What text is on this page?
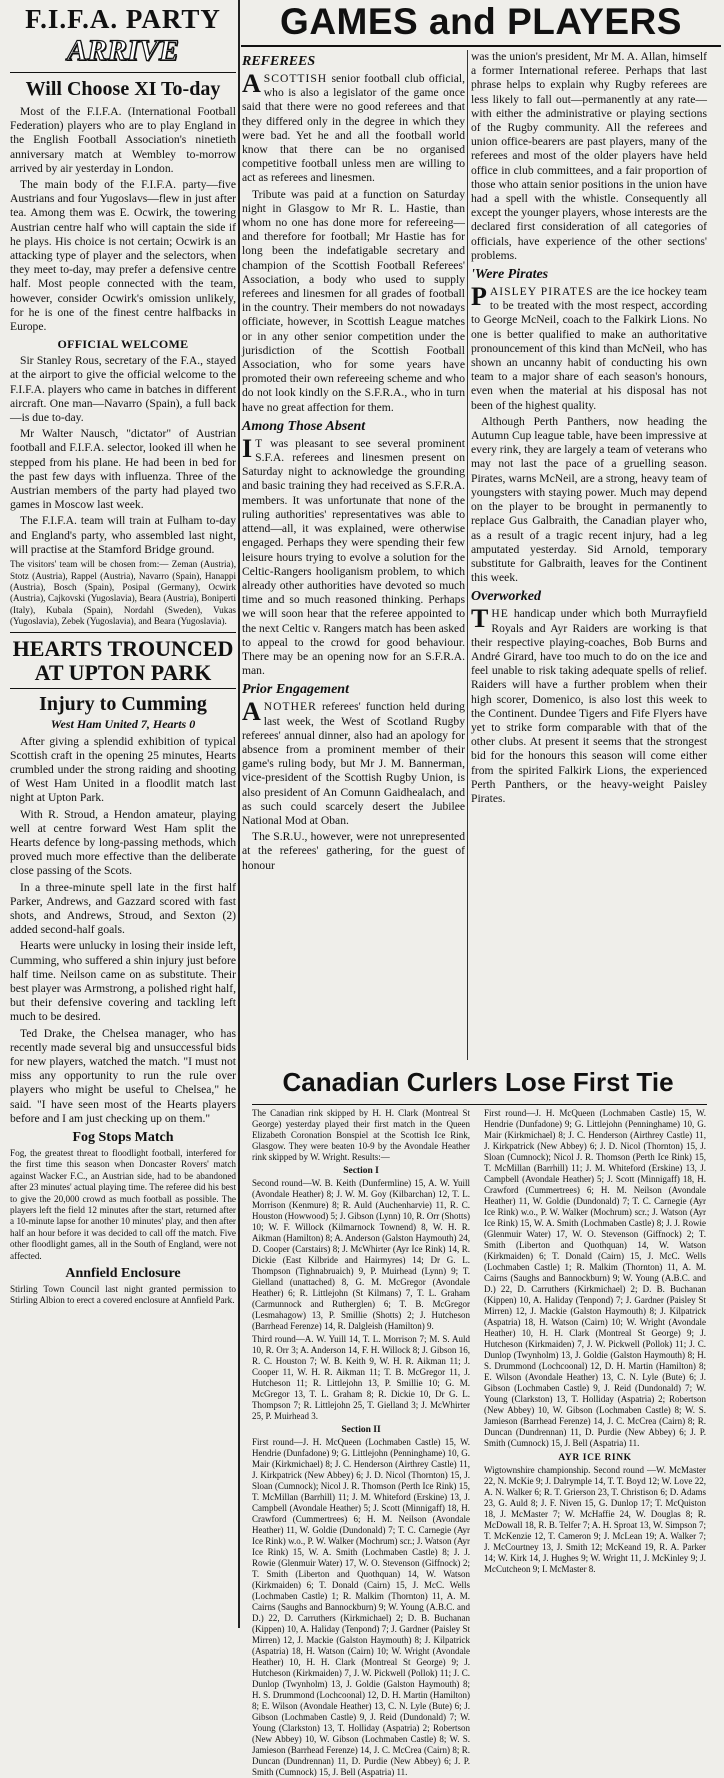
F.I.F.A. PARTY
ARRIVE
Will Choose XI To-day

Most of the F.I.F.A. (International Football Federation) players who are to play England in the English Football Association's ninetieth anniversary match at Wembley to-morrow arrived by air yesterday in London.

The main body of the F.I.F.A. party—five Austrians and four Yugoslavs—flew in just after tea. Among them was E. Ocwirk, the towering Austrian centre half who will captain the side if he plays. His choice is not certain; Ocwirk is an attacking type of player and the selectors, when they meet to-day, may prefer a defensive centre half. Most people connected with the team, however, consider Ocwirk's omission unlikely, for he is one of the finest centre halfbacks in Europe.

OFFICIAL WELCOME

Sir Stanley Rous, secretary of the F.A., stayed at the airport to give the official welcome to the F.I.F.A. players who came in batches in different aircraft. One man—Navarro (Spain), a full back—is due to-day.

Mr Walter Nausch, "dictator" of Austrian football and F.I.F.A. selector, looked ill when he stepped from his plane. He had been in bed for the past few days with influenza. Three of the Austrian members of the party had played two games in Moscow last week.

The F.I.F.A. team will train at Fulham to-day and England's party, who assembled last night, will practise at the Stamford Bridge ground.

The visitors' team will be chosen from:— Zeman (Austria), Stotz (Austria), Rappel (Austria), Navarro (Spain), Hanappi (Austria), Bosch (Spain), Posipal (Germany), Ocwirk (Austria), Cajkovski (Yugoslavia), Beara (Austria), Boniperti (Italy), Kubala (Spain), Nordahl (Sweden), Vukas (Yugoslavia), Zebek (Yugoslavia), and Beara (Yugoslavia).

HEARTS TROUNCED AT UPTON PARK
Injury to Cumming
West Ham United 7, Hearts 0

After giving a splendid exhibition of typical Scottish craft in the opening 25 minutes, Hearts crumbled under the strong raiding and shooting of West Ham United in a floodlit match last night at Upton Park.

With R. Stroud, a Hendon amateur, playing well at centre forward West Ham split the Hearts defence by long-passing methods, which proved much more effective than the deliberate close passing of the Scots.

In a three-minute spell late in the first half Parker, Andrews, and Gazzard scored with fast shots, and Andrews, Stroud, and Sexton (2) added second-half goals.

Hearts were unlucky in losing their inside left, Cumming, who suffered a shin injury just before half time. Neilson came on as substitute. Their best player was Armstrong, a polished right half, but their defensive covering and tackling left much to be desired.

Ted Drake, the Chelsea manager, who has recently made several big and unsuccessful bids for new players, watched the match. "I must not miss any opportunity to run the rule over players who might be useful to Chelsea," he said. "I have seen most of the Hearts players before and I am just checking up on them."

Fog Stops Match

Fog, the greatest threat to floodlight football, interfered for the first time this season when Doncaster Rovers' match against Wacker F.C., an Austrian side, had to be abandoned after 23 minutes' actual playing time. The referee did his best to give the 20,000 crowd as much football as possible. The players left the field 12 minutes after the start, returned after a 10-minute lapse for another 10 minutes' play, and then after half an hour before it was decided to call off the match. Five other floodlight games, all in the South of England, were not affected.

Annfield Enclosure

Stirling Town Council last night granted permission to Stirling Albion to erect a covered enclosure at Annfield Park.

GAMES and PLAYERS
REFEREES

ASCOTTISH senior football club official, who is also a legislator of the game once said that there were no good referees and that they differed only in the degree in which they were bad. Yet he and all the football world know that there can be no organised competitive football unless men are willing to act as referees and linesmen.

Tribute was paid at a function on Saturday night in Glasgow to Mr R. L. Hastie, than whom no one has done more for refereeing—and therefore for football; Mr Hastie has for long been the indefatigable secretary and champion of the Scottish Football Referees' Association, a body who used to supply referees and linesmen for all grades of football in the country. Their members do not nowadays officiate, however, in Scottish League matches or in any other senior competition under the jurisdiction of the Scottish Football Association, who for some years have promoted their own refereeing scheme and who do not look kindly on the S.F.R.A., who in turn have no great affection for them.

Among Those Absent

I T was pleasant to see several prominent S.F.A. referees and linesmen present on Saturday night to acknowledge the grounding and basic training they had received as S.F.R.A. members. It was unfortunate that none of the ruling authorities' representatives was able to attend—all, it was explained, were otherwise engaged. Perhaps they were spending their few leisure hours trying to evolve a solution for the Celtic-Rangers hooliganism problem, to which already other authorities have devoted so much time and so much reasoned thinking. Perhaps we will soon hear that the referee appointed to the next Celtic v. Rangers match has been asked to appeal to the crowd for good behaviour. There may be an opening now for an S.F.R.A. man.

Prior Engagement

ANOTHER referees' function held during last week, the West of Scotland Rugby referees' annual dinner, also had an apology for absence from a prominent member of their game's ruling body, but Mr J. M. Bannerman, vice-president of the Scottish Rugby Union, is also president of An Comunn Gaidhealach, and as such could scarcely desert the Jubilee National Mod at Oban.

The S.R.U., however, were not unrepresented at the referees' gathering, for the guest of honour

was the union's president, Mr M. A. Allan, himself a former International referee. Perhaps that last phrase helps to explain why Rugby referees are less likely to fall out—permanently at any rate—with either the administrative or playing sections of the Rugby community. All the referees and union office-bearers are past players, many of the referees and most of the older players have held office in club committees, and a fair proportion of those who attain senior positions in the union have had a spell with the whistle. Consequently all except the younger players, whose interests are the declared first consideration of all categories of officials, have experience of the other sections' problems.

'Were Pirates

PAISLEY PIRATES are the ice hockey team to be treated with the most respect, according to George McNeil, coach to the Falkirk Lions. No one is better qualified to make an authoritative pronouncement of this kind than McNeil, who has shown an uncanny habit of conducting his own team to a major share of each season's honours, even when the material at his disposal has not been of the highest quality.

Although Perth Panthers, now heading the Autumn Cup league table, have been impressive at every rink, they are largely a team of veterans who may not last the pace of a gruelling season. Pirates, warns McNeil, are a strong, heavy team of youngsters with staying power. Much may depend on the player to be brought in permanently to replace Gus Galbraith, the Canadian player who, as a result of a tragic recent injury, had a leg amputated yesterday. Sid Arnold, temporary substitute for Galbraith, leaves for the Continent this week.

Overworked

THE handicap under which both Murrayfield Royals and Ayr Raiders are working is that their respective playing-coaches, Bob Burns and André Girard, have too much to do on the ice and feel unable to risk taking adequate spells of relief. Raiders will have a further problem when their high scorer, Domenico, is also lost this week to the Continent. Dundee Tigers and Fife Flyers have yet to strike form comparable with that of the other clubs. At present it seems that the strongest bid for the honours this season will come either from the spirited Falkirk Lions, the experienced Perth Panthers, or the heavy-weight Paisley Pirates.

Canadian Curlers Lose First Tie

The Canadian rink skipped by H. H. Clark (Montreal St George) yesterday played their first match in the Queen Elizabeth Coronation Bonspiel at the Scottish Ice Rink, Glasgow. They were beaten 10-9 by the Avondale Heather rink skipped by W. Wright. Results:—

Section I

Second round—W. B. Keith (Dunfermline) 15, A. W. Yuill (Avondale Heather) 8; J. W. M. Goy (Kilbarchan) 12, T. L. Morrison (Kenmure) 8; R. Auld (Auchenharvie) 11, R. C. Houston (Howwood) 5; J. Gibson (Lynn) 10, R. Orr (Shotts) 10; W. F. Willock (Kilmarnock Townend) 8, W. H. R. Aikman (Hamilton) 8; A. Anderson (Galston Haymouth) 24, D. Cooper (Carstairs) 8; J. McWhirter (Ayr Ice Rink) 14, R. Dickie (East Kilbride and Hairmyres) 14; Dr G. L. Thompson (Tighnabruaich) 9, P. Muirhead (Lynn) 9; T. Gielland (unattached) 8, G. M. McGregor (Avondale Heather) 6; R. Littlejohn (St Kilmans) 7, T. L. Graham (Carmunnock and Rutherglen) 6; T. B. McGregor (Lesmahagow) 13, P. Smillie (Shotts) 2; J. Hutcheson (Barrhead Ferenze) 14, R. Dalgleish (Hamilton) 9.

Third round—A. W. Yuill 14, T. L. Morrison 7; M. S. Auld 10, R. Orr 3; A. Anderson 14, F. H. Willock 8; J. Gibson 16, R. C. Houston 7; W. B. Keith 9, W. H. R. Aikman 11; J. Cooper 11, W. H. R. Aikman 11; T. B. McGregor 11, J. Hutcheson 11; R. Littlejohn 13, P. Smillie 10; G. M. McGregor 13, T. L. Graham 8; R. Dickie 10, Dr G. L. Thompson 7; R. Littlejohn 25, T. Gielland 3; J. McWhirter 25, P. Muirhead 3.

Section II

First round—J. H. McQueen (Lochmaben Castle) 15, W. Hendrie (Dunfadone) 9; G. Littlejohn (Penninghame) 10, G. Mair (Kirkmichael) 8; J. C. Henderson (Airthrey Castle) 11, J. Kirkpatrick (New Abbey) 6; J. D. Nicol (Thornton) 15, J. Sloan (Cumnock); Nicol J. R. Thomson (Perth Ice Rink) 15, T. McMillan (Barrhill) 11; J. M. Whiteford (Erskine) 13, J. Campbell (Avondale Heather) 5; J. Scott (Minnigaff) 18, H. Crawford (Cummertrees) 6; H. M. Neilson (Avondale Heather) 11, W. Goldie (Dundonald) 7; T. C. Carnegie (Ayr Ice Rink) w.o., P. W. Walker (Mochrum) scr.; J. Watson (Ayr Ice Rink) 15, W. A. Smith (Lochmaben Castle) 8; J. J. Rowie (Glenmuir Water) 17, W. O. Stevenson (Giffnock) 2; T. Smith (Liberton and Quothquan) 14, W. Watson (Kirkmaiden) 6; T. Donald (Cairn) 15, J. McC. Wells (Lochmaben Castle) 1; R. Malkim (Thornton) 11, A. M. Cairns (Saughs and Bannockburn) 9; W. Young (A.B.C. and D.) 22, D. Carruthers (Kirkmichael) 2; D. B. Buchanan (Kippen) 10, A. Haliday (Tenpond) 7; J. Gardner (Paisley St Mirren) 12, J. Mackie (Galston Haymouth) 8; J. Kilpatrick (Aspatria) 18, H. Watson (Cairn) 10; W. Wright (Avondale Heather) 10, H. H. Clark (Montreal St George) 9; J. Hutcheson (Kirkmaiden) 7, J. W. Pickwell (Pollok) 11; J. C. Dunlop (Twynholm) 13, J. Goldie (Galston Haymouth) 8; H. S. Drummond (Lochcoonal) 12, D. H. Martin (Hamilton) 8; E. Wilson (Avondale Heather) 13, C. N. Lyle (Bute) 6; J. Gibson (Lochmaben Castle) 9, J. Reid (Dundonald) 7; W. Young (Clarkston) 13, T. Holliday (Aspatria) 2; Robertson (New Abbey) 10, W. Gibson (Lochmaben Castle) 8; W. S. Jamieson (Barrhead Ferenze) 14, J. C. McCrea (Cairn) 8; R. Duncan (Dundrennan) 11, D. Purdie (New Abbey) 6; J. P. Smith (Cumnock) 15, J. Bell (Aspatria) 11.

First round—J. H. McQueen (Lochmaben Castle) 15, W. Hendrie (Dunfadone) 9; G. Littlejohn (Penninghame) 10, G. Mair (Kirkmichael) 8; J. C. Henderson (Airthrey Castle) 11, J. Kirkpatrick (New Abbey) 6; J. D. Nicol (Thornton) 15, J. Sloan (Cumnock); Nicol J. R. Thomson (Perth Ice Rink) 15, T. McMillan (Barrhill) 11; J. M. Whiteford (Erskine) 13, J. Campbell (Avondale Heather) 5; J. Scott (Minnigaff) 18, H. Crawford (Cummertrees) 6; H. M. Neilson (Avondale Heather) 11, W. Goldie (Dundonald) 7; T. C. Carnegie (Ayr Ice Rink) w.o., P. W. Walker (Mochrum) scr.; J. Watson (Ayr Ice Rink) 15, W. A. Smith (Lochmaben Castle) 8; J. J. Rowie (Glenmuir Water) 17, W. O. Stevenson (Giffnock) 2; T. Smith (Liberton and Quothquan) 14, W. Watson (Kirkmaiden) 6; T. Donald (Cairn) 15, J. McC. Wells (Lochmaben Castle) 1; R. Malkim (Thornton) 11, A. M. Cairns (Saughs and Bannockburn) 9; W. Young (A.B.C. and D.) 22, D. Carruthers (Kirkmichael) 2; D. B. Buchanan (Kippen) 10, A. Haliday (Tenpond) 7; J. Gardner (Paisley St Mirren) 12, J. Mackie (Galston Haymouth) 8; J. Kilpatrick (Aspatria) 18, H. Watson (Cairn) 10; W. Wright (Avondale Heather) 10, H. H. Clark (Montreal St George) 9; J. Hutcheson (Kirkmaiden) 7, J. W. Pickwell (Pollok) 11; J. C. Dunlop (Twynholm) 13, J. Goldie (Galston Haymouth) 8; H. S. Drummond (Lochcoonal) 12, D. H. Martin (Hamilton) 8; E. Wilson (Avondale Heather) 13, C. N. Lyle (Bute) 6; J. Gibson (Lochmaben Castle) 9, J. Reid (Dundonald) 7; W. Young (Clarkston) 13, T. Holliday (Aspatria) 2; Robertson (New Abbey) 10, W. Gibson (Lochmaben Castle) 8; W. S. Jamieson (Barrhead Ferenze) 14, J. C. McCrea (Cairn) 8; R. Duncan (Dundrennan) 11, D. Purdie (New Abbey) 6; J. P. Smith (Cumnock) 15, J. Bell (Aspatria) 11.

AYR ICE RINK

Wigtownshire championship. Second round —W. McMaster 22, N. McKie 9; J. Dalrymple 14, T. T. Boyd 12; W. Love 22, A. N. Walker 6; R. T. Grierson 23, T. Christison 6; D. Adams 23, G. Auld 8; J. F. Niven 15, G. Dunlop 17; T. McQuiston 18, J. McMaster 7; W. McHaffie 24, W. Douglas 8; R. McDowall 18, R. B. Telfer 7; A. H. Sproat 13, W. Simpson 7; T. McKenzie 12, T. Cameron 9; J. McLean 19; A. Walker 7; J. McCourtney 13, J. Smith 12; McKeand 19, R. A. Parker 14; W. Kirk 14, J. Hughes 9; W. Wright 11, J. McKinley 9; J. McCutcheon 9; I. McMaster 8.
